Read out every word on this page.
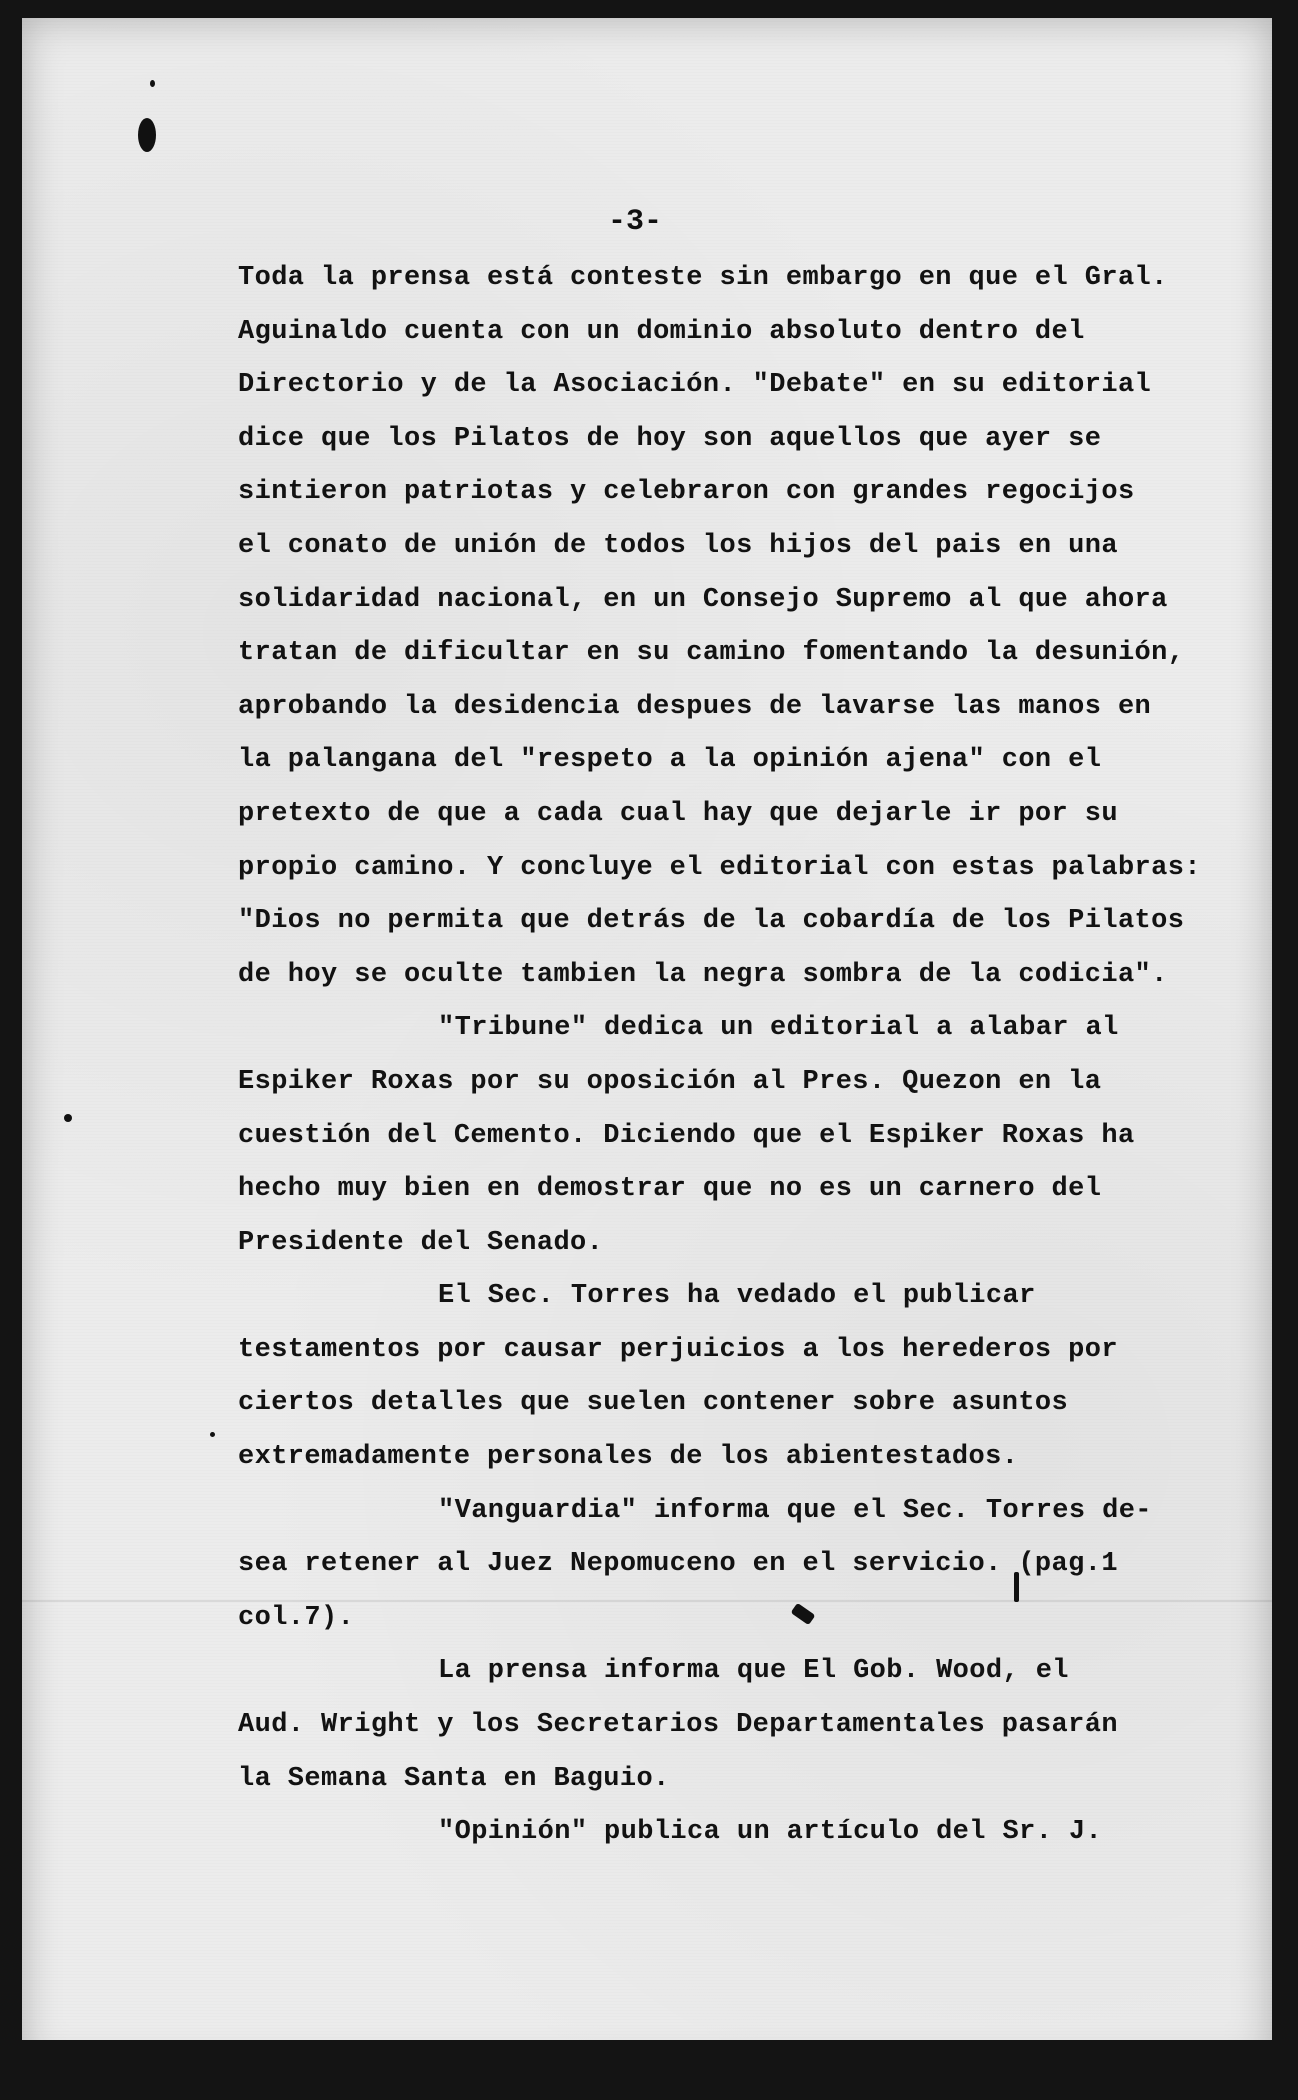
-3-
Toda la prensa está conteste sin embargo en que el Gral.
Aguinaldo cuenta con un dominio absoluto dentro del
Directorio y de la Asociación. "Debate" en su editorial
dice que los Pilatos de hoy son aquellos que ayer se
sintieron patriotas y celebraron con grandes regocijos
el conato de unión de todos los hijos del pais en una
solidaridad nacional, en un Consejo Supremo al que ahora
tratan de dificultar en su camino fomentando la desunión,
aprobando la desidencia despues de lavarse las manos en
la palangana del "respeto a la opinión ajena" con el
pretexto de que a cada cual hay que dejarle ir por su
propio camino. Y concluye el editorial con estas palabras:
"Dios no permita que detrás de la cobardía de los Pilatos
de hoy se oculte tambien la negra sombra de la codicia".
"Tribune" dedica un editorial a alabar al
Espiker Roxas por su oposición al Pres. Quezon en la
cuestión del Cemento. Diciendo que el Espiker Roxas ha
hecho muy bien en demostrar que no es un carnero del
Presidente del Senado.
El Sec. Torres ha vedado el publicar
testamentos por causar perjuicios a los herederos por
ciertos detalles que suelen contener sobre asuntos
extremadamente personales de los abientestados.
"Vanguardia" informa que el Sec. Torres de-
sea retener al Juez Nepomuceno en el servicio. (pag.1
col.7).
La prensa informa que El Gob. Wood, el
Aud. Wright y los Secretarios Departamentales pasarán
la Semana Santa en Baguio.
"Opinión" publica un artículo del Sr. J.
